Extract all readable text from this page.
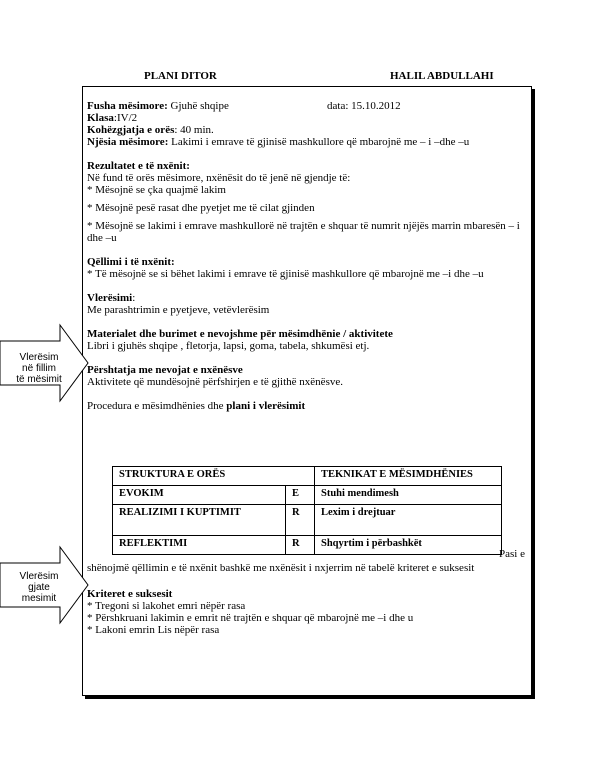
PLANI DITOR	HALIL ABDULLAHI
Fusha mësimore: Gjuhë shqipe	data: 15.10.2012
Klasa:IV/2
Kohëzgjatja e orës: 40 min.
Njësia mësimore: Lakimi i emrave të gjinisë mashkullore që mbarojnë me – i –dhe –u
Rezultatet e të nxënit:
Në fund të orës mësimore, nxënësit do të jenë në gjendje të:
* Mësojnë se çka quajmë lakim
* Mësojnë pesë rasat dhe pyetjet me të cilat gjinden
* Mësojnë se lakimi i emrave mashkullorë në trajtën e shquar të numrit njëjës marrin mbaresën – i dhe –u
Qëllimi i të nxënit:
* Të mësojnë se si bëhet lakimi i emrave të gjinisë mashkullore që mbarojnë me –i dhe –u
Vlerësimi:
Me parashtrimin e pyetjeve, vetëvlerësim
Materialet dhe burimet e nevojshme për mësimdhënie / aktivitete
Libri i gjuhës shqipe , fletorja, lapsi, goma, tabela, shkumësi etj.
Përshtatja me nevojat e nxënësve
Aktivitete që mundësojnë përfshirjen e të gjithë nxënësve.
Procedura e mësimdhënies dhe plani i vlerësimit
STRUKTURA E ORËS		TEKNIKAT E MËSIMDHËNIES
EVOKIM	E	Stuhi mendimesh
REALIZIMI I KUPTIMIT	R	Lexim i drejtuar
REFLEKTIMI	R	Shqyrtim i përbashkët
Pasi e
shënojmë qëllimin e të nxënit bashkë me nxënësit i nxjerrim në tabelë kriteret e suksesit
Kriteret e suksesit
* Tregoni si lakohet emri nëpër rasa
* Përshkruani lakimin e emrit në trajtën e shquar që mbarojnë me –i dhe u
* Lakoni emrin Lis nëpër rasa
Vlerësim
në fillim
të mësimit
Vlerësim
gjate
mesimit
